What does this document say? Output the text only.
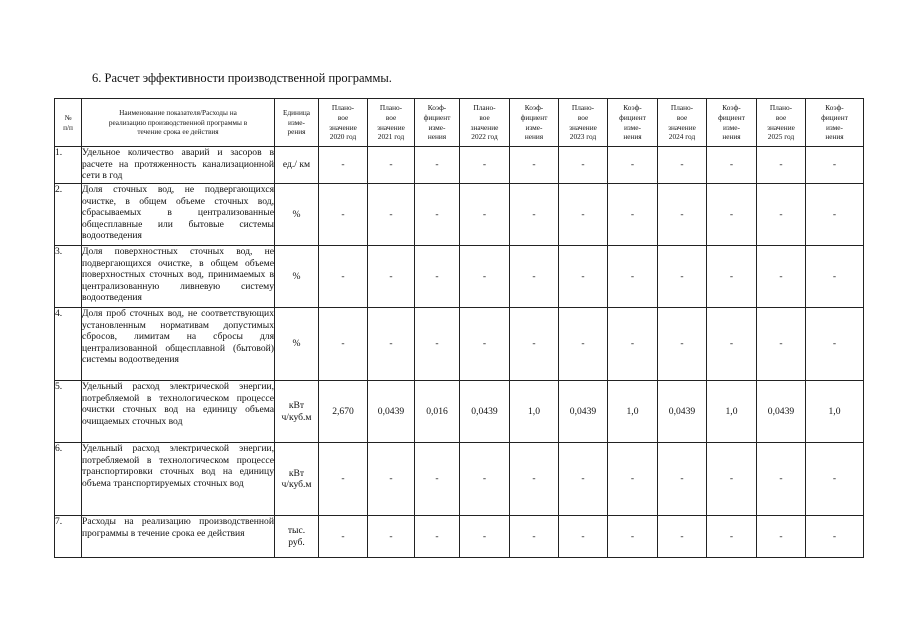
6. Расчет эффективности производственной программы.
№
п/п	Наименование показателя/Расходы на
реализацию производственной программы в
течение срока ее действия	Единица
изме-
рения	Плано-
вое
значение
2020 год	Плано-
вое
значение
2021 год	Коэф-
фициент
изме-
нения	Плано-
вое
значение
2022 год	Коэф-
фициент
изме-
нения	Плано-
вое
значение
2023 год	Коэф-
фициент
изме-
нения	Плано-
вое
значение
2024 год	Коэф-
фициент
изме-
нения	Плано-
вое
значение
2025 год	Коэф-
фициент
изме-
нения

1.	Удельное количество аварий и засоров в расчете на протяженность канализационной сети в год	ед./ км	-	-	-	-	-	-	-	-	-	-	-
2.	Доля сточных вод, не подвергающихся очистке, в общем объеме сточных вод, сбрасываемых в централизованные общесплавные или бытовые системы водоотведения	%	-	-	-	-	-	-	-	-	-	-	-
3.	Доля поверхностных сточных вод, не подвергающихся очистке, в общем объеме поверхностных сточных вод, принимаемых в централизованную ливневую систему водоотведения	%	-	-	-	-	-	-	-	-	-	-	-
4.	Доля проб сточных вод, не соответствующих установленным нормативам допустимых сбросов, лимитам на сбросы для централизованной общесплавной (бытовой) системы водоотведения	%	-	-	-	-	-	-	-	-	-	-	-
5.	Удельный расход электрической энергии, потребляемой в технологическом процессе очистки сточных вод на единицу объема очищаемых сточных вод	кВт
ч/куб.м	2,670	0,0439	0,016	0,0439	1,0	0,0439	1,0	0,0439	1,0	0,0439	1,0
6.	Удельный расход электрической энергии, потребляемой в технологическом процессе транспортировки сточных вод на единицу объема транспортируемых сточных вод	кВт
ч/куб.м	-	-	-	-	-	-	-	-	-	-	-
7.	Расходы на реализацию производственной программы в течение срока ее действия	тыс.
руб.	-	-	-	-	-	-	-	-	-	-	-
